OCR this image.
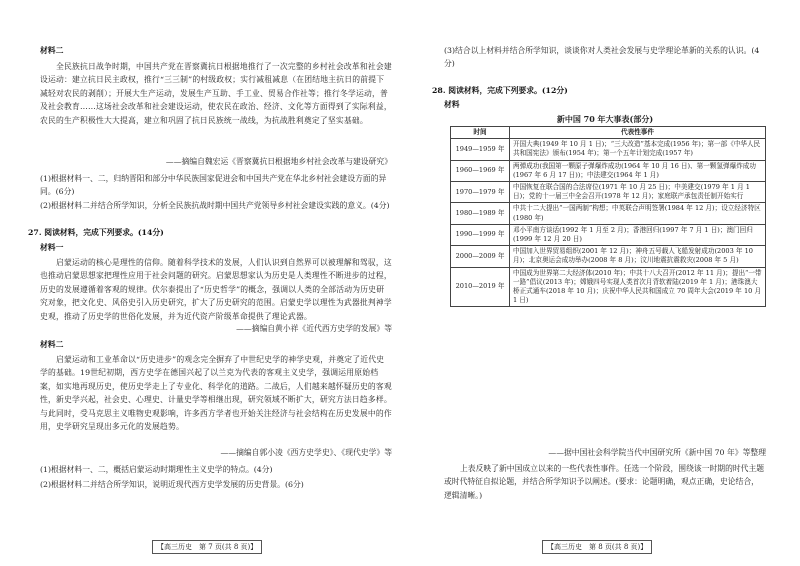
材料二

全民族抗日战争时期，中国共产党在晋察冀抗日根据地推行了一次完整的乡村社会改革和社会建设运动：建立抗日民主政权，推行“三三制”的村级政权；实行减租减息（在团结地主抗日的前提下减轻对农民的剥削）；开展大生产运动，发展生产互助、手工业、贸易合作社等；推行冬学运动，普及社会教育……这场社会改革和社会建设运动，使农民在政治、经济、文化等方面得到了实际利益，农民的生产积极性大大提高，建立和巩固了抗日民族统一战线，为抗战胜利奠定了坚实基础。

——摘编自魏宏运《晋察冀抗日根据地乡村社会改革与建设研究》

(1)根据材料一、二，归纳晋阳和部分中华民族国家促进会和中国共产党在华北乡村社会建设方面的异同。(6分)

(2)根据材料二并结合所学知识，分析全民族抗战时期中国共产党领导乡村社会建设实践的意义。(4分)

27. 阅读材料，完成下列要求。(14分)

材料一

启蒙运动的核心是理性的信仰。随着科学技术的发展，人们认识到自然界可以被理解和驾驭，这也推动启蒙思想家把理性应用于社会问题的研究。启蒙思想家认为历史是人类理性不断进步的过程，历史的发展遵循着客观的规律。伏尔泰提出了“历史哲学”的概念，强调以人类的全部活动为历史研究对象，把文化史、风俗史引入历史研究，扩大了历史研究的范围。启蒙史学以理性为武器批判神学史观，推动了历史学的世俗化发展，并为近代资产阶级革命提供了理论武器。

——摘编自黄小祥《近代西方史学的发展》等

材料二

启蒙运动和工业革命以“历史进步”的观念完全摒弃了中世纪史学的神学史观，并奠定了近代史学的基础。19世纪初期，西方史学在德国兴起了以兰克为代表的客观主义史学，强调运用原始档案，如实地再现历史，使历史学走上了专业化、科学化的道路。二战后，人们越来越怀疑历史的客观性，新史学兴起，社会史、心理史、计量史学等相继出现，研究领域不断扩大，研究方法日趋多样。与此同时，受马克思主义唯物史观影响，许多西方学者也开始关注经济与社会结构在历史发展中的作用，史学研究呈现出多元化的发展趋势。

——摘编自郭小凌《西方史学史》、《现代史学》等

(1)根据材料一、二，概括启蒙运动时期理性主义史学的特点。(4分)

(2)根据材料二并结合所学知识，说明近现代西方史学发展的历史背景。(6分)

【高三历史　第 7 页(共 8 页)】

(3)结合以上材料并结合所学知识，谈谈你对人类社会发展与史学理论革新的关系的认识。(4分)

28. 阅读材料，完成下列要求。(12分)

材料

新中国 70 年大事表(部分)
时间	代表性事件
1949—1959 年	开国大典(1949 年 10 月 1 日)；“三大改造”基本完成(1956 年)；第一部《中华人民共和国宪法》颁布(1954 年)；第一个五年计划完成(1957 年)
1960—1969 年	两弹成功(我国第一颗原子弹爆炸成功(1964 年 10 月 16 日)、第一颗氢弹爆炸成功(1967 年 6 月 17 日))；中法建交(1964 年 1 月)
1970—1979 年	中国恢复在联合国的合法席位(1971 年 10 月 25 日)；中美建交(1979 年 1 月 1 日)；党的十一届三中全会召开(1978 年 12 月)；家庭联产承包责任制开始实行
1980—1989 年	中共十二大提出“一国两制”构想；中英联合声明签署(1984 年 12 月)；设立经济特区(1980 年)
1990—1999 年	邓小平南方谈话(1992 年 1 月至 2 月)；香港回归(1997 年 7 月 1 日)；澳门回归(1999 年 12 月 20 日)
2000—2009 年	中国加入世界贸易组织(2001 年 12 月)；神舟五号载人飞船发射成功(2003 年 10 月)；北京奥运会成功举办(2008 年 8 月)；汶川地震抗震救灾(2008 年 5 月)
2010—2019 年	中国成为世界第二大经济体(2010 年)；中共十八大召开(2012 年 11 月)；提出“一带一路”倡议(2013 年)；嫦娥四号实现人类首次月背软着陆(2019 年 1 月)；港珠澳大桥正式通车(2018 年 10 月)；庆祝中华人民共和国成立 70 周年大会(2019 年 10 月 1 日)

——据中国社会科学院当代中国研究所《新中国 70 年》等整理

上表反映了新中国成立以来的一些代表性事件。任选一个阶段，围绕该一时期的时代主题或时代特征自拟论题，并结合所学知识予以阐述。(要求：论题明确，观点正确，史论结合，逻辑清晰。)

【高三历史　第 8 页(共 8 页)】
